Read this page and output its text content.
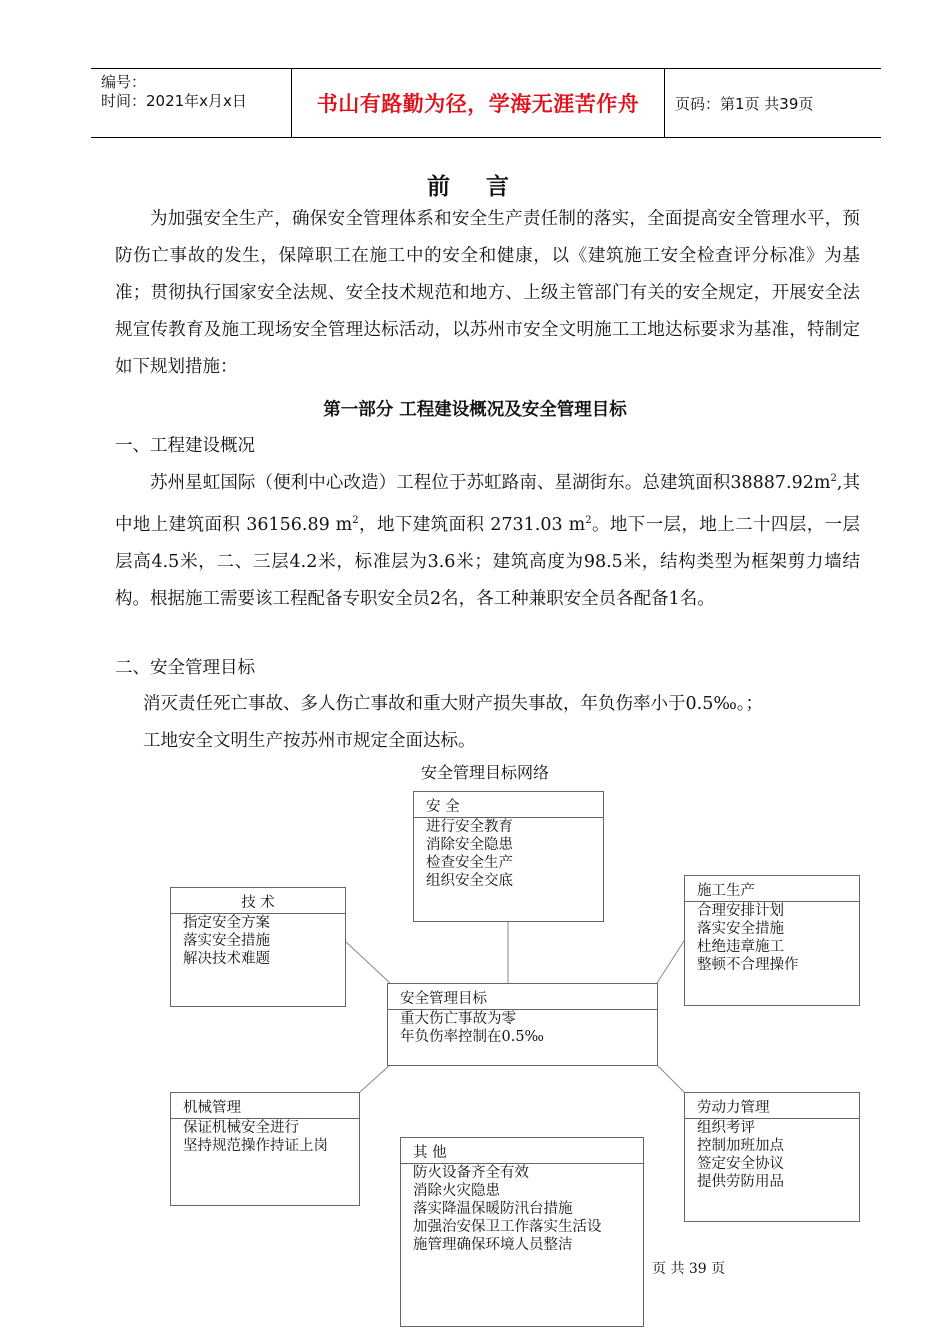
编号：
时间：2021年x月x日	书山有路勤为径，学海无涯苦作舟	页码：第1页 共39页
前 言
为加强安全生产，确保安全管理体系和安全生产责任制的落实，全面提高安全管理水平，预防伤亡事故的发生，保障职工在施工中的安全和健康，以《建筑施工安全检查评分标准》为基准；贯彻执行国家安全法规、安全技术规范和地方、上级主管部门有关的安全规定，开展安全法规宣传教育及施工现场安全管理达标活动，以苏州市安全文明施工工地达标要求为基准，特制定如下规划措施：
第一部分 工程建设概况及安全管理目标
一、工程建设概况
苏州星虹国际（便利中心改造）工程位于苏虹路南、星湖街东。总建筑面积$38887.92m^2$,其中地上建筑面积 36156.89 $m^2$，地下建筑面积 2731.03 $m^2$。地下一层，地上二十四层，一层层高4.5米，二、三层4.2米，标准层为3.6米；建筑高度为98.5米，结构类型为框架剪力墙结构。根据施工需要该工程配备专职安全员2名，各工种兼职安全员各配备1名。
二、安全管理目标
消灭责任死亡事故、多人伤亡事故和重大财产损失事故，年负伤率小于0.5‰。；
工地安全文明生产按苏州市规定全面达标。
安全管理目标网络
安 全
进行安全教育
消除安全隐患
检查安全生产
组织安全交底
技 术
指定安全方案
落实安全措施
解决技术难题
施工生产
合理安排计划
落实安全措施
杜绝违章施工
整顿不合理操作
安全管理目标
重大伤亡事故为零
年负伤率控制在0.5‰
机械管理
保证机械安全进行
坚持规范操作持证上岗
劳动力管理
组织考评
控制加班加点
签定安全协议
提供劳防用品
其 他
防火设备齐全有效
消除火灾隐患
落实降温保暖防汛台措施
加强治安保卫工作落实生活设
施管理确保环境人员整洁
页 共 39 页
